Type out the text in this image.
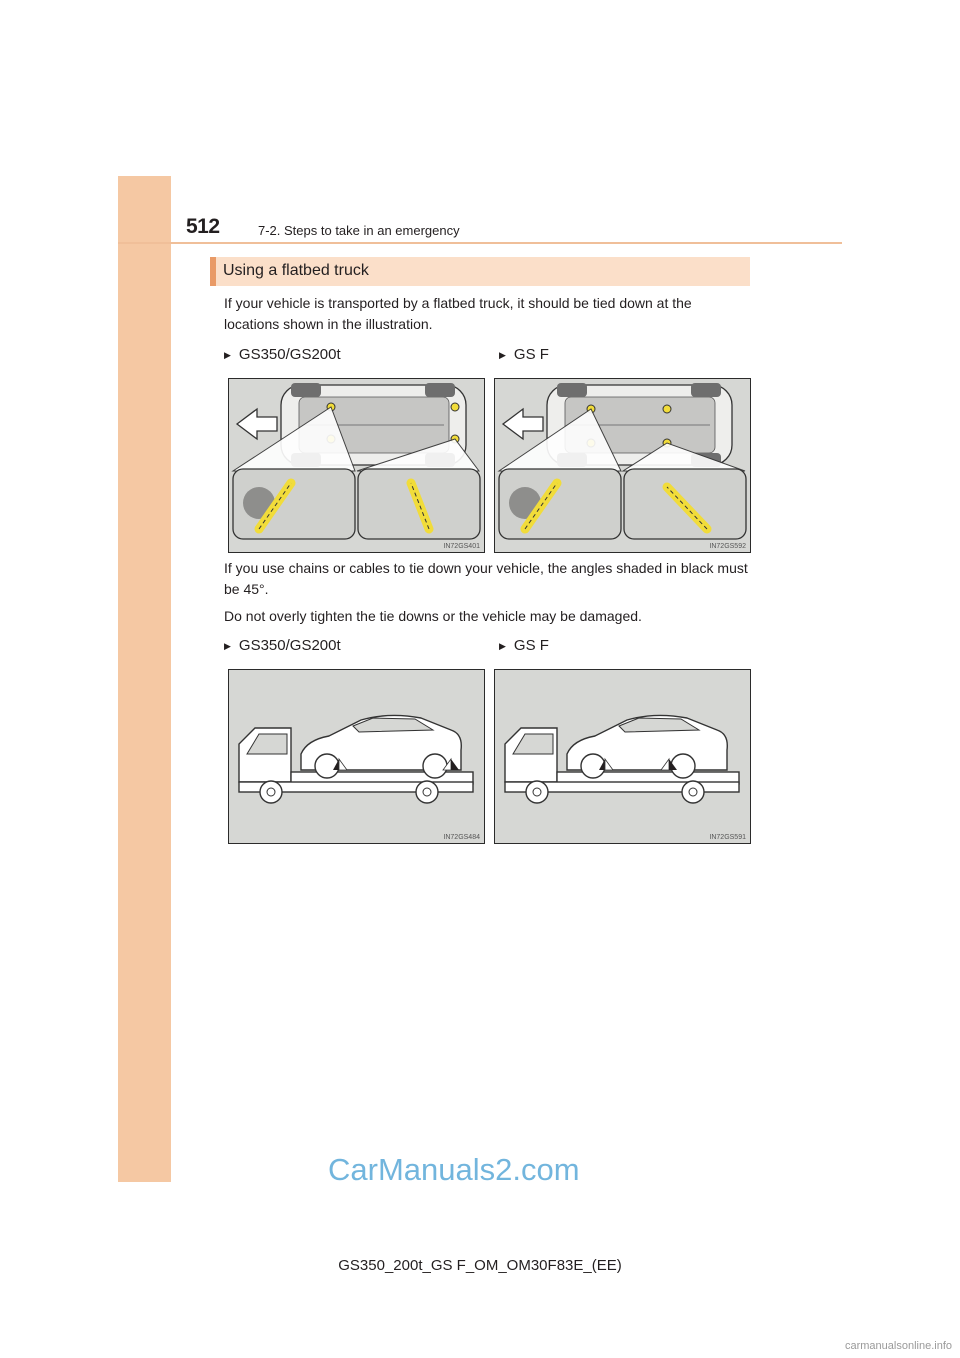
512	7-2. Steps to take in an emergency
Using a flatbed truck
If your vehicle is transported by a flatbed truck, it should be tied down at the locations shown in the illustration.
▶ GS350/GS200t	▶ GS F
IN72GS401	IN72GS592
If you use chains or cables to tie down your vehicle, the angles shaded in black must be 45°.
Do not overly tighten the tie downs or the vehicle may be damaged.
▶ GS350/GS200t	▶ GS F
IN72GS484	IN72GS591
CarManuals2.com
GS350_200t_GS F_OM_OM30F83E_(EE)
carmanualsonline.info
